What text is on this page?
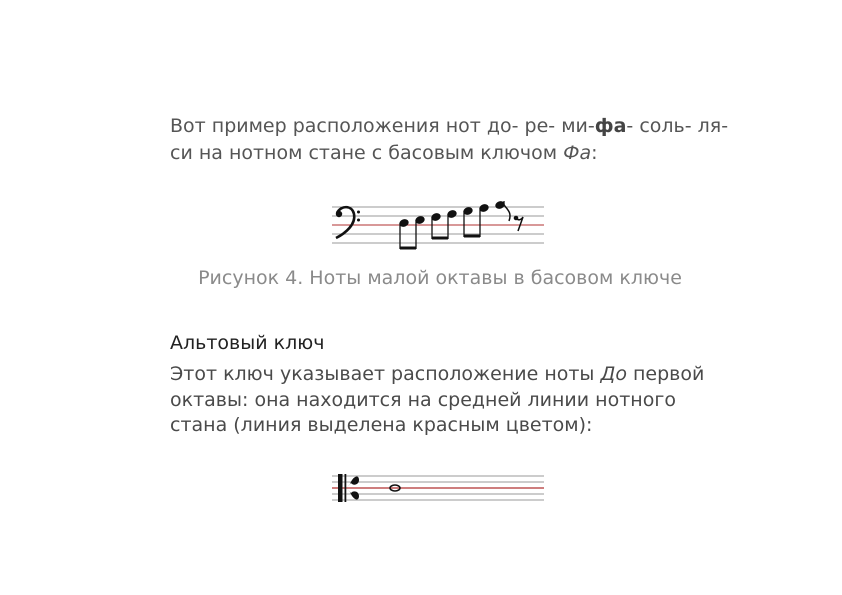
Вот пример расположения нот до- ре- ми-фа- соль- ля- си на нотном стане с басовым ключом Фа:

Рисунок 4. Ноты малой октавы в басовом ключе

Альтовый ключ

Этот ключ указывает расположение ноты До первой октавы: она находится на средней линии нотного стана (линия выделена красным цветом):
